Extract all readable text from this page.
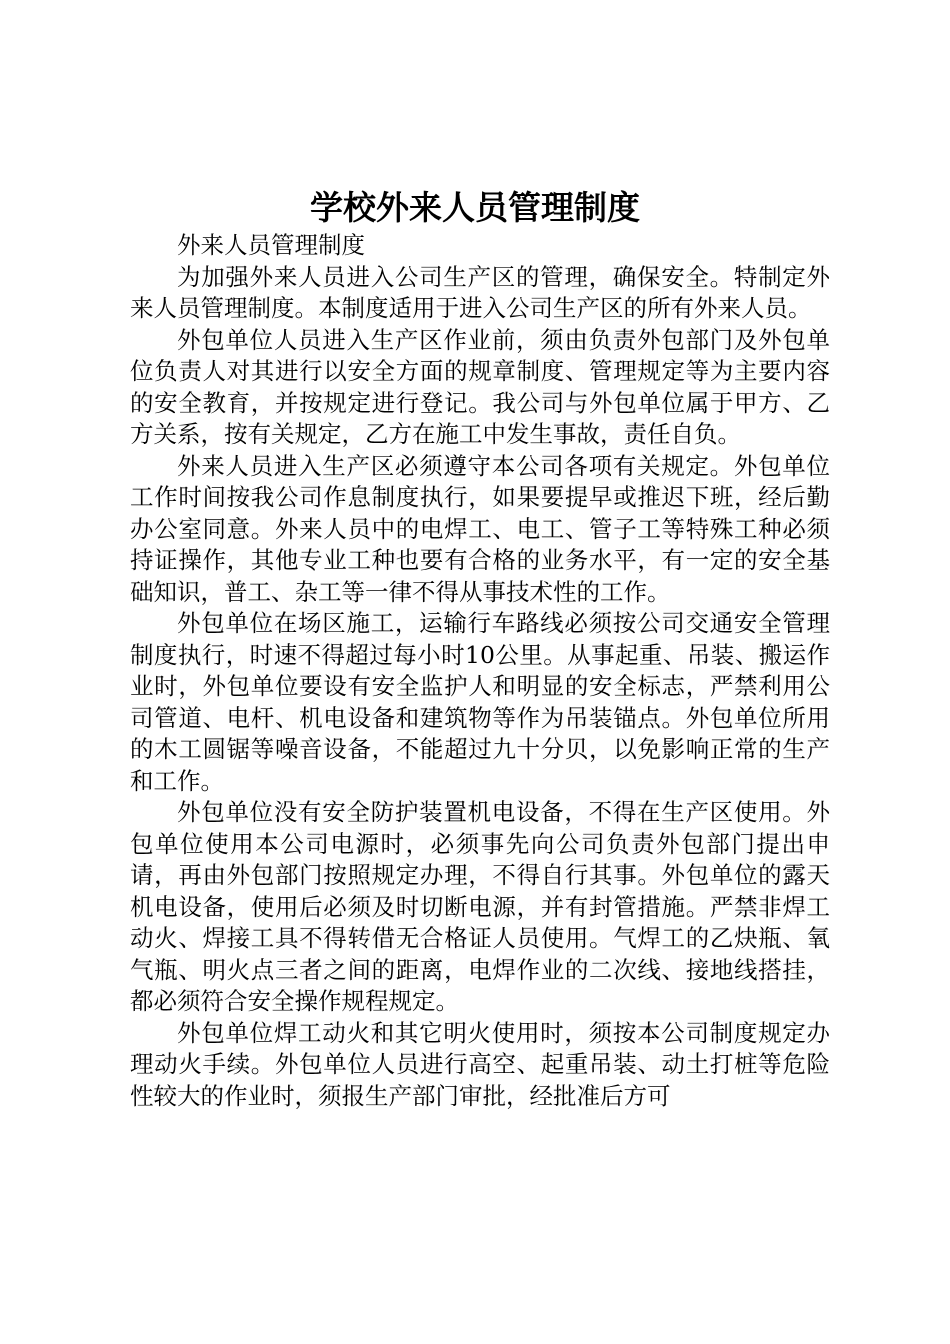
学校外来人员管理制度

外来人员管理制度

为加强外来人员进入公司生产区的管理，确保安全。特制定外来人员管理制度。本制度适用于进入公司生产区的所有外来人员。

外包单位人员进入生产区作业前，须由负责外包部门及外包单位负责人对其进行以安全方面的规章制度、管理规定等为主要内容的安全教育，并按规定进行登记。我公司与外包单位属于甲方、乙方关系，按有关规定，乙方在施工中发生事故，责任自负。

外来人员进入生产区必须遵守本公司各项有关规定。外包单位工作时间按我公司作息制度执行，如果要提早或推迟下班，经后勤办公室同意。外来人员中的电焊工、电工、管子工等特殊工种必须持证操作，其他专业工种也要有合格的业务水平，有一定的安全基础知识，普工、杂工等一律不得从事技术性的工作。

外包单位在场区施工，运输行车路线必须按公司交通安全管理制度执行，时速不得超过每小时10公里。从事起重、吊装、搬运作业时，外包单位要设有安全监护人和明显的安全标志，严禁利用公司管道、电杆、机电设备和建筑物等作为吊装锚点。外包单位所用的木工圆锯等噪音设备，不能超过九十分贝，以免影响正常的生产和工作。

外包单位没有安全防护装置机电设备，不得在生产区使用。外包单位使用本公司电源时，必须事先向公司负责外包部门提出申请，再由外包部门按照规定办理，不得自行其事。外包单位的露天机电设备，使用后必须及时切断电源，并有封管措施。严禁非焊工动火、焊接工具不得转借无合格证人员使用。气焊工的乙炔瓶、氧气瓶、明火点三者之间的距离，电焊作业的二次线、接地线搭挂，都必须符合安全操作规程规定。

外包单位焊工动火和其它明火使用时，须按本公司制度规定办理动火手续。外包单位人员进行高空、起重吊装、动土打桩等危险性较大的作业时，须报生产部门审批，经批准后方可
